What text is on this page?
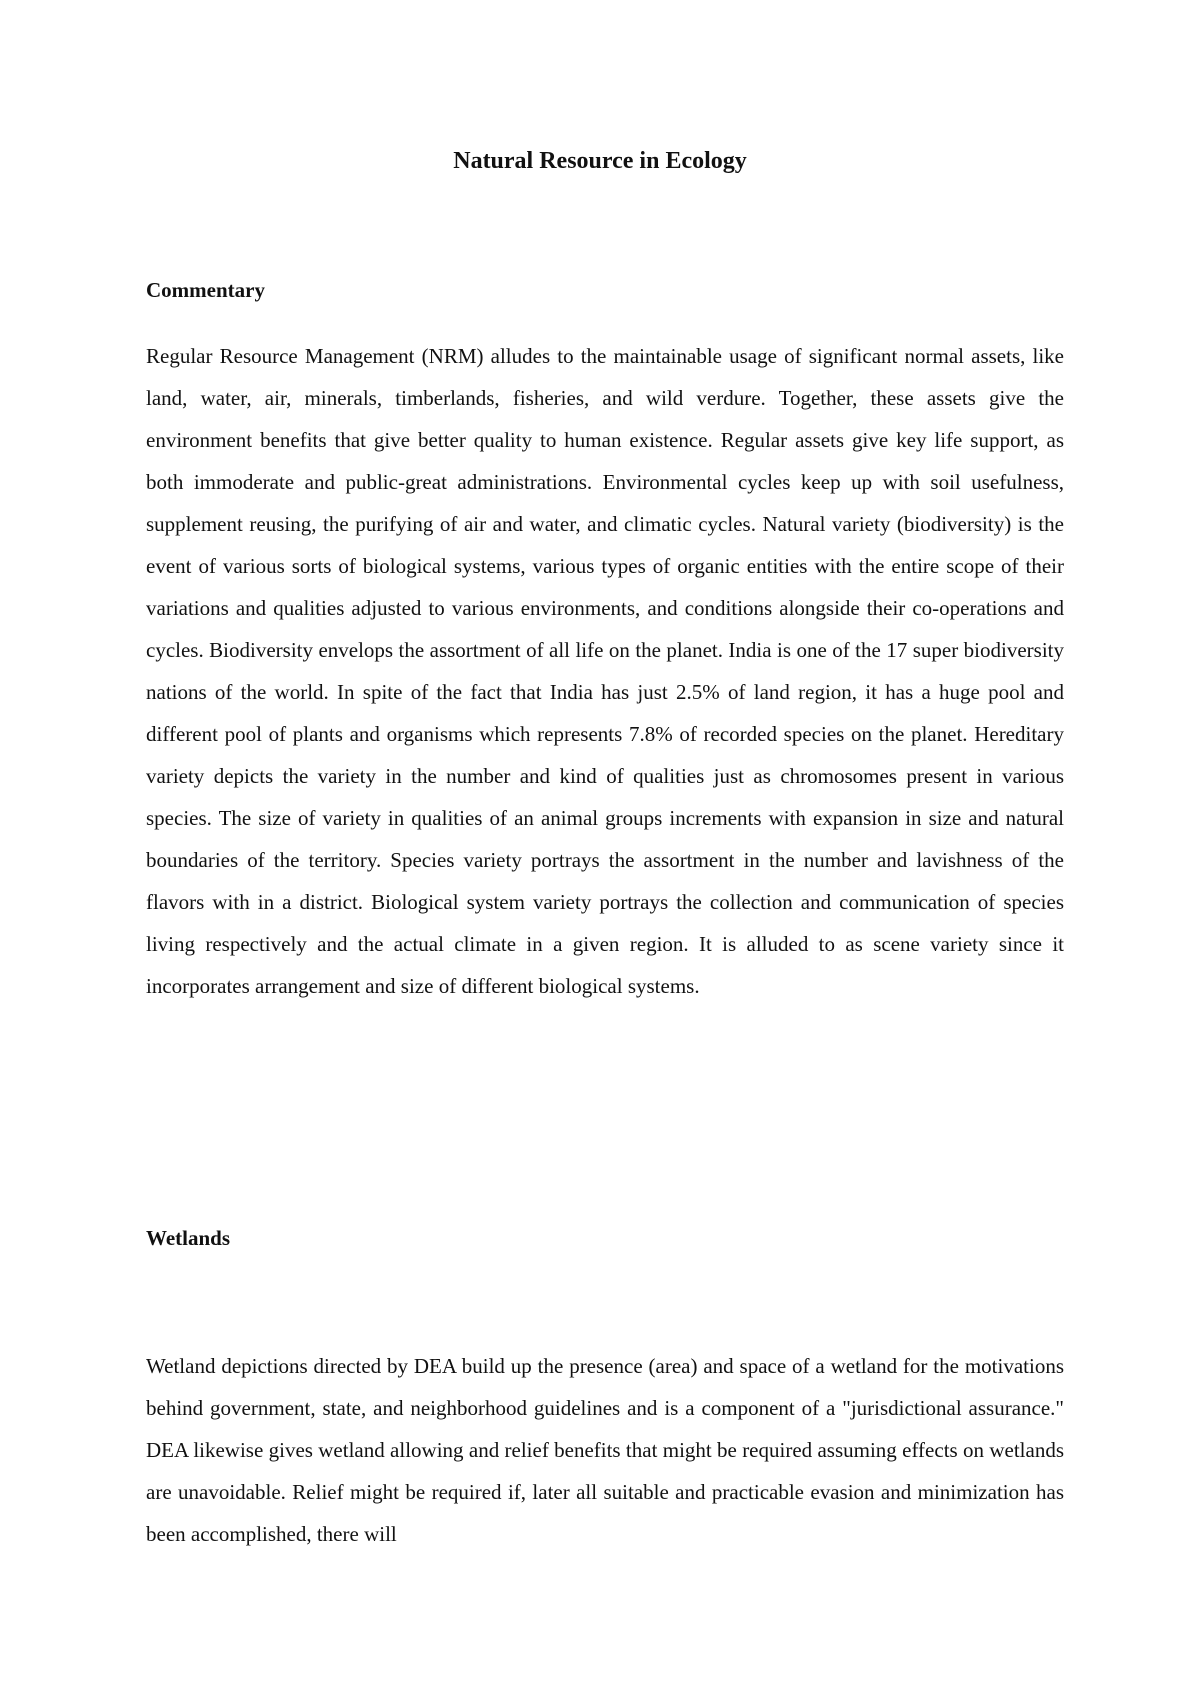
Natural Resource in Ecology
Commentary

Regular Resource Management (NRM) alludes to the maintainable usage of significant normal assets, like land, water, air, minerals, timberlands, fisheries, and wild verdure. Together, these assets give the environment benefits that give better quality to human existence. Regular assets give key life support, as both immoderate and public-great administrations. Environmental cycles keep up with soil usefulness, supplement reusing, the purifying of air and water, and climatic cycles. Natural variety (biodiversity) is the event of various sorts of biological systems, various types of organic entities with the entire scope of their variations and qualities adjusted to various environments, and conditions alongside their co-operations and cycles. Biodiversity envelops the assortment of all life on the planet. India is one of the 17 super biodiversity nations of the world. In spite of the fact that India has just 2.5% of land region, it has a huge pool and different pool of plants and organisms which represents 7.8% of recorded species on the planet. Hereditary variety depicts the variety in the number and kind of qualities just as chromosomes present in various species. The size of variety in qualities of an animal groups increments with expansion in size and natural boundaries of the territory. Species variety portrays the assortment in the number and lavishness of the flavors with in a district. Biological system variety portrays the collection and communication of species living respectively and the actual climate in a given region. It is alluded to as scene variety since it incorporates arrangement and size of different biological systems.

Wetlands

Wetland depictions directed by DEA build up the presence (area) and space of a wetland for the motivations behind government, state, and neighborhood guidelines and is a component of a "jurisdictional assurance." DEA likewise gives wetland allowing and relief benefits that might be required assuming effects on wetlands are unavoidable. Relief might be required if, later all suitable and practicable evasion and minimization has been accomplished, there will
